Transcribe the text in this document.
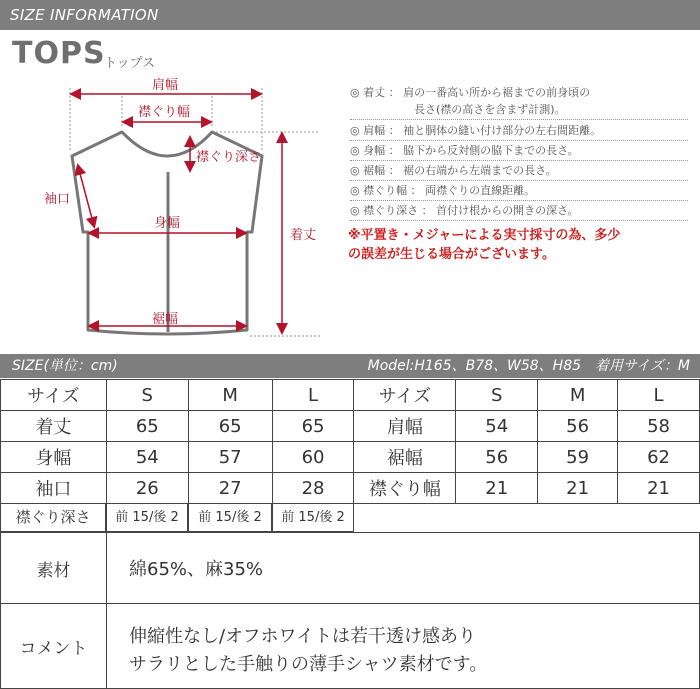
SIZE INFORMATION
TOPS
トップス
肩幅
襟ぐり幅
襟ぐり深さ
袖口
身幅
着丈
裾幅
◎ 着丈 ： 肩の一番高い所から裾までの前身頃の
長さ(襟の高さを含まず計測)。
◎ 肩幅 ： 袖と胴体の縫い付け部分の左右間距離。
◎ 身幅 ： 脇下から反対側の脇下までの長さ。
◎ 裾幅 ： 裾の右端から左端までの長さ。
◎ 襟ぐり幅 ： 両襟ぐりの直線距離。
◎ 襟ぐり深さ ： 首付け根からの開きの深さ。
※平置き・メジャーによる実寸採寸の為、多少
の誤差が生じる場合がございます。
SIZE(単位：cm)	Model:H165、B78、W58、H85　着用サイズ：M
サイズ	S	M	L	サイズ	S	M	L
着丈	65	65	65	肩幅	54	56	58
身幅	54	57	60	裾幅	56	59	62
袖口	26	27	28	襟ぐり幅	21	21	21
襟ぐり深さ	前 15/後 2	前 15/後 2	前 15/後 2
素材	綿65%、麻35%
コメント
伸縮性なし/オフホワイトは若干透け感あり
サラリとした手触りの薄手シャツ素材です。
